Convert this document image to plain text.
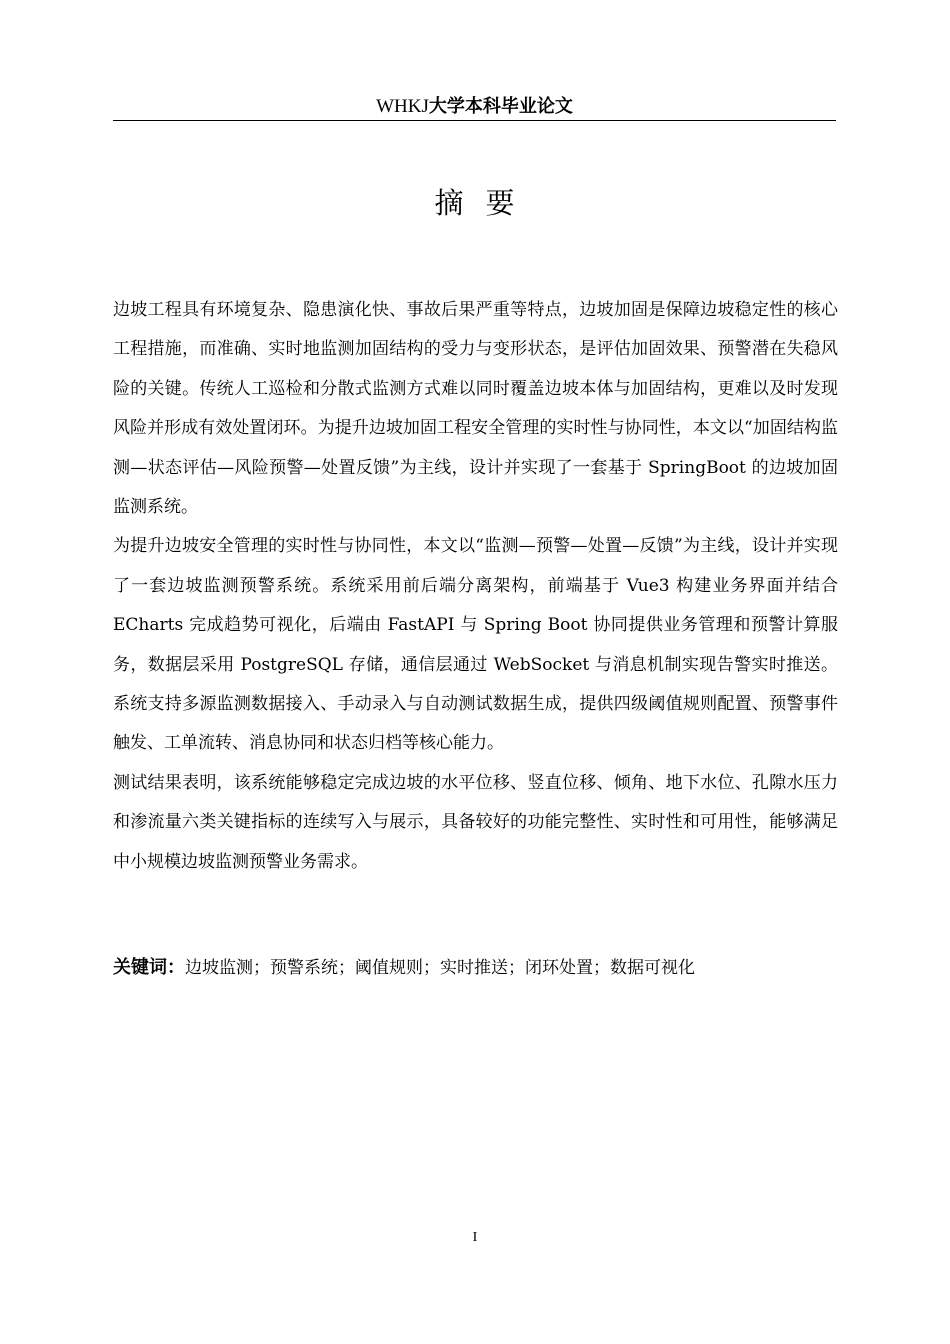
WHKJ大学本科毕业论文
摘要

边坡工程具有环境复杂、隐患演化快、事故后果严重等特点，边坡加固是保障边坡稳定性的核心工程措施，而准确、实时地监测加固结构的受力与变形状态，是评估加固效果、预警潜在失稳风险的关键。传统人工巡检和分散式监测方式难以同时覆盖边坡本体与加固结构，更难以及时发现风险并形成有效处置闭环。为提升边坡加固工程安全管理的实时性与协同性，本文以“加固结构监测—状态评估—风险预警—处置反馈”为主线，设计并实现了一套基于 SpringBoot 的边坡加固监测系统。

为提升边坡安全管理的实时性与协同性，本文以“监测—预警—处置—反馈”为主线，设计并实现了一套边坡监测预警系统。系统采用前后端分离架构，前端基于 Vue3 构建业务界面并结合 ECharts 完成趋势可视化，后端由 FastAPI 与 Spring Boot 协同提供业务管理和预警计算服务，数据层采用 PostgreSQL 存储，通信层通过 WebSocket 与消息机制实现告警实时推送。系统支持多源监测数据接入、手动录入与自动测试数据生成，提供四级阈值规则配置、预警事件触发、工单流转、消息协同和状态归档等核心能力。

测试结果表明，该系统能够稳定完成边坡的水平位移、竖直位移、倾角、地下水位、孔隙水压力和渗流量六类关键指标的连续写入与展示，具备较好的功能完整性、实时性和可用性，能够满足中小规模边坡监测预警业务需求。

关键词：边坡监测；预警系统；阈值规则；实时推送；闭环处置；数据可视化
I
